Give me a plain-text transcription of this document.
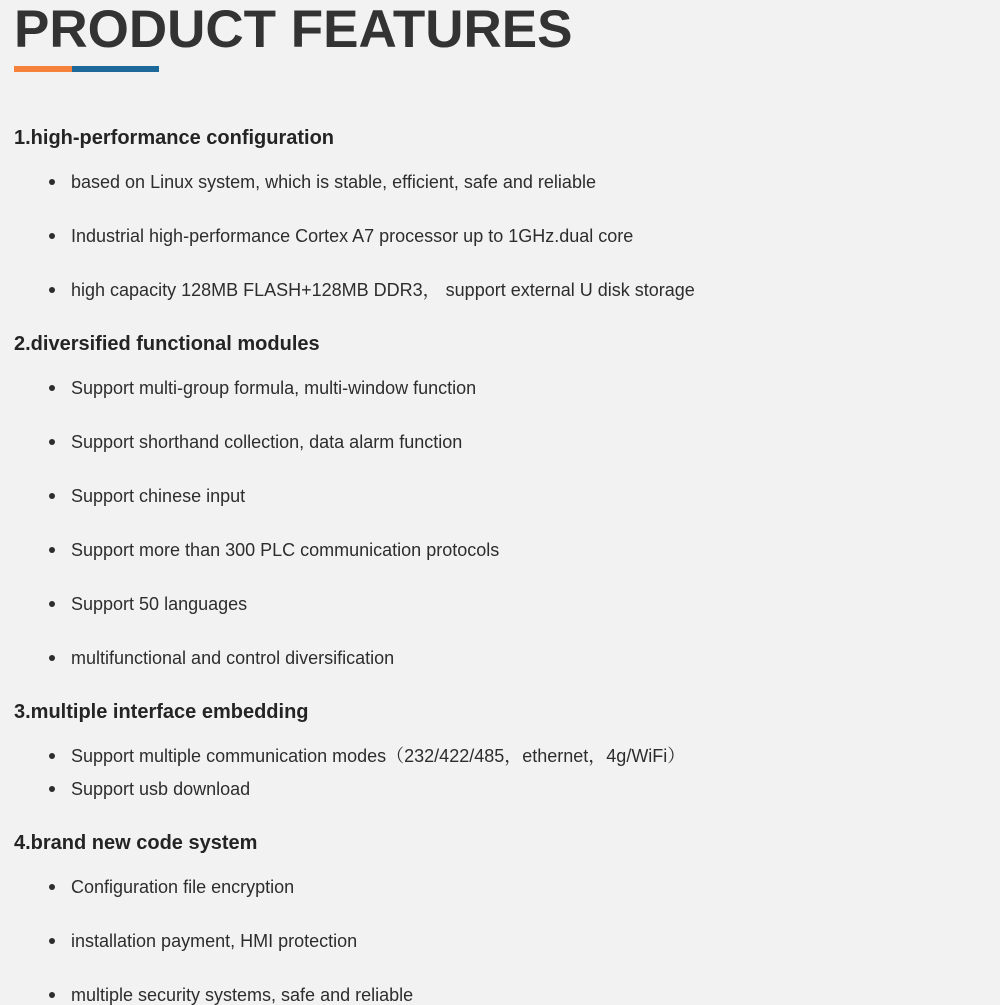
PRODUCT FEATURES
1.high-performance configuration
based on Linux system, which is stable, efficient, safe and reliable
Industrial high-performance Cortex A7 processor up to 1GHz.dual core
high capacity 128MB FLASH+128MB DDR3， support external U disk storage
2.diversified functional modules
Support multi-group formula, multi-window function
Support shorthand collection, data alarm function
Support chinese input
Support more than 300 PLC communication protocols
Support 50 languages
multifunctional and control diversification
3.multiple interface embedding
Support multiple communication modes（232/422/485，ethernet，4g/WiFi）
Support usb download
4.brand new code system
Configuration file encryption
installation payment, HMI protection
multiple security systems, safe and reliable
